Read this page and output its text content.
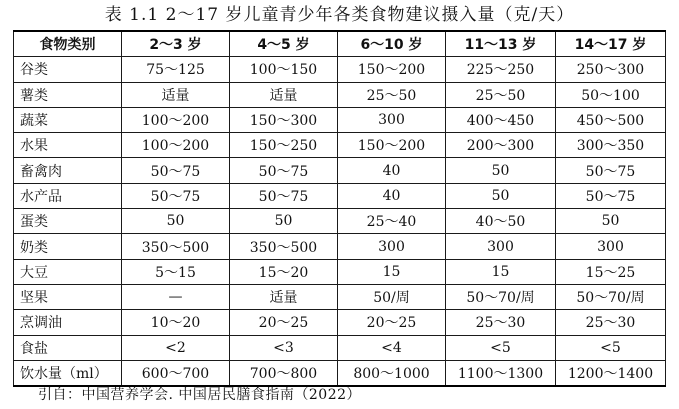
表 1.1 2～17 岁儿童青少年各类食物建议摄入量（克/天）
食物类别	2～3 岁	4～5 岁	6～10 岁	11～13 岁	14～17 岁
谷类	75～125	100～150	150～200	225～250	250～300
薯类	适量	适量	25～50	25～50	50～100
蔬菜	100～200	150～300	300	400～450	450～500
水果	100～200	150～250	150～200	200～300	300～350
畜禽肉	50～75	50～75	40	50	50～75
水产品	50～75	50～75	40	50	50～75
蛋类	50	50	25～40	40～50	50
奶类	350～500	350～500	300	300	300
大豆	5～15	15～20	15	15	15～25
坚果	—	适量	50/周	50～70/周	50～70/周
烹调油	10～20	20～25	20～25	25～30	25～30
食盐	<2	<3	<4	<5	<5
饮水量（ml）	600～700	700～800	800～1000	1100～1300	1200～1400
引自：中国营养学会. 中国居民膳食指南（2022）
